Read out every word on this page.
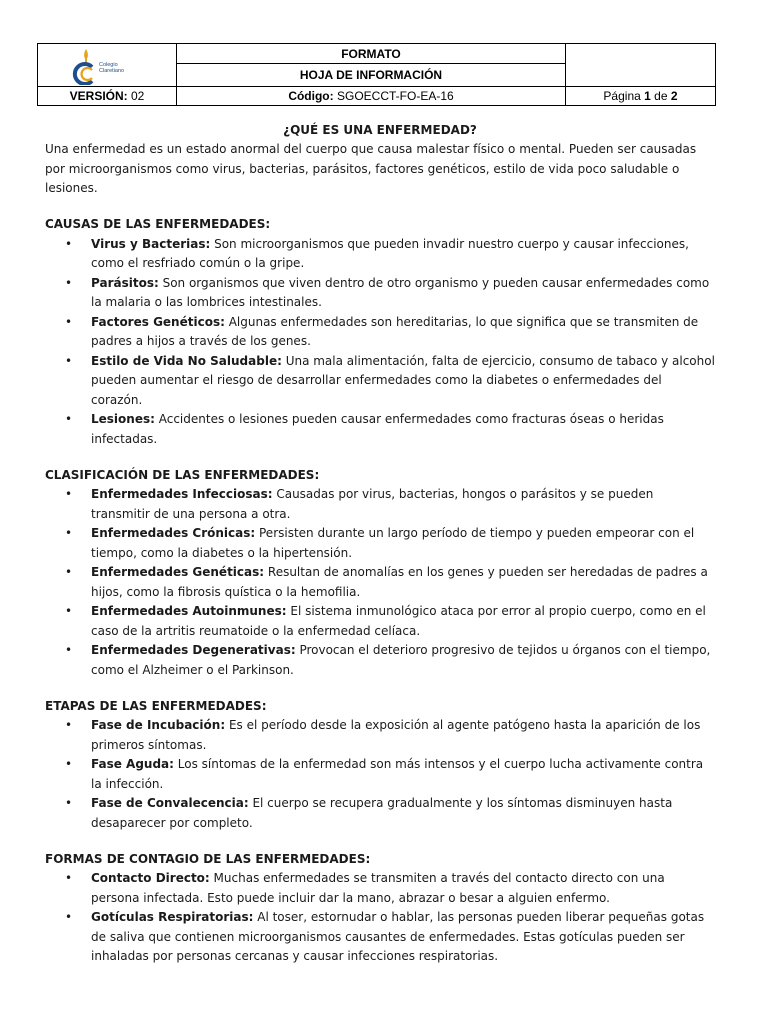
Colegio
Claretiano	FORMATO	
	HOJA DE INFORMACIÓN	
VERSIÓN: 02	Código: SGOECCT-FO-EA-16	Página 1 de 2
¿QUÉ ES UNA ENFERMEDAD?

Una enfermedad es un estado anormal del cuerpo que causa malestar físico o mental. Pueden ser causadas por microorganismos como virus, bacterias, parásitos, factores genéticos, estilo de vida poco saludable o lesiones.

CAUSAS DE LAS ENFERMEDADES:

• Virus y Bacterias: Son microorganismos que pueden invadir nuestro cuerpo y causar infecciones, como el resfriado común o la gripe.
• Parásitos: Son organismos que viven dentro de otro organismo y pueden causar enfermedades como la malaria o las lombrices intestinales.
• Factores Genéticos: Algunas enfermedades son hereditarias, lo que significa que se transmiten de padres a hijos a través de los genes.
• Estilo de Vida No Saludable: Una mala alimentación, falta de ejercicio, consumo de tabaco y alcohol pueden aumentar el riesgo de desarrollar enfermedades como la diabetes o enfermedades del corazón.
• Lesiones: Accidentes o lesiones pueden causar enfermedades como fracturas óseas o heridas infectadas.

CLASIFICACIÓN DE LAS ENFERMEDADES:

• Enfermedades Infecciosas: Causadas por virus, bacterias, hongos o parásitos y se pueden transmitir de una persona a otra.
• Enfermedades Crónicas: Persisten durante un largo período de tiempo y pueden empeorar con el tiempo, como la diabetes o la hipertensión.
• Enfermedades Genéticas: Resultan de anomalías en los genes y pueden ser heredadas de padres a hijos, como la fibrosis quística o la hemofilia.
• Enfermedades Autoinmunes: El sistema inmunológico ataca por error al propio cuerpo, como en el caso de la artritis reumatoide o la enfermedad celíaca.
• Enfermedades Degenerativas: Provocan el deterioro progresivo de tejidos u órganos con el tiempo, como el Alzheimer o el Parkinson.

ETAPAS DE LAS ENFERMEDADES:

• Fase de Incubación: Es el período desde la exposición al agente patógeno hasta la aparición de los primeros síntomas.
• Fase Aguda: Los síntomas de la enfermedad son más intensos y el cuerpo lucha activamente contra la infección.
• Fase de Convalecencia: El cuerpo se recupera gradualmente y los síntomas disminuyen hasta desaparecer por completo.

FORMAS DE CONTAGIO DE LAS ENFERMEDADES:

• Contacto Directo: Muchas enfermedades se transmiten a través del contacto directo con una persona infectada. Esto puede incluir dar la mano, abrazar o besar a alguien enfermo.
• Gotículas Respiratorias: Al toser, estornudar o hablar, las personas pueden liberar pequeñas gotas de saliva que contienen microorganismos causantes de enfermedades. Estas gotículas pueden ser inhaladas por personas cercanas y causar infecciones respiratorias.
